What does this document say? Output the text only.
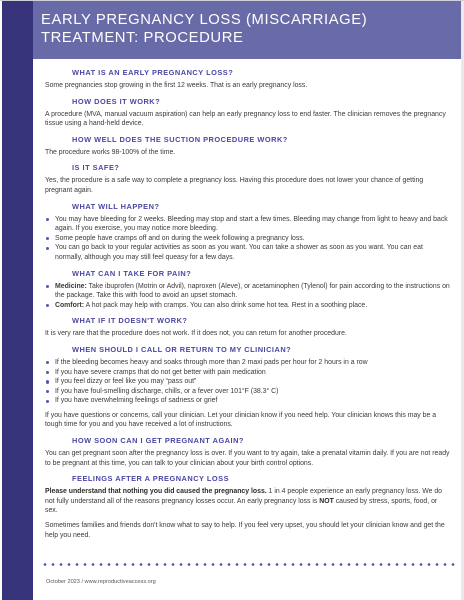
EARLY PREGNANCY LOSS (MISCARRIAGE) TREATMENT: PROCEDURE
WHAT IS AN EARLY PREGNANCY LOSS?

Some pregnancies stop growing in the first 12 weeks. That is an early pregnancy loss.

HOW DOES IT WORK?

A procedure (MVA, manual vacuum aspiration) can help an early pregnancy loss to end faster. The clinician removes the pregnancy tissue using a hand-held device.

HOW WELL DOES THE SUCTION PROCEDURE WORK?

The procedure works 98-100% of the time.

IS IT SAFE?

Yes, the procedure is a safe way to complete a pregnancy loss. Having this procedure does not lower your chance of getting pregnant again.

WHAT WILL HAPPEN?
You may have bleeding for 2 weeks. Bleeding may stop and start a few times. Bleeding may change from light to heavy and back again. If you exercise, you may notice more bleeding.
Some people have cramps off and on during the week following a pregnancy loss.
You can go back to your regular activities as soon as you want. You can take a shower as soon as you want. You can eat normally, although you may still feel queasy for a few days.
WHAT CAN I TAKE FOR PAIN?
Medicine: Take ibuprofen (Motrin or Advil), naproxen (Aleve), or acetaminophen (Tylenol) for pain according to the instructions on the package. Take this with food to avoid an upset stomach.
Comfort: A hot pack may help with cramps. You can also drink some hot tea. Rest in a soothing place.
WHAT IF IT DOESN'T WORK?

It is very rare that the procedure does not work. If it does not, you can return for another procedure.

WHEN SHOULD I CALL OR RETURN TO MY CLINICIAN?
If the bleeding becomes heavy and soaks through more than 2 maxi pads per hour for 2 hours in a row
If you have severe cramps that do not get better with pain medication
If you feel dizzy or feel like you may “pass out”
If you have foul-smelling discharge, chills, or a fever over 101°F (38.3° C)
If you have overwhelming feelings of sadness or grief

If you have questions or concerns, call your clinician. Let your clinician know if you need help. Your clinician knows this may be a tough time for you and you have received a lot of instructions.

HOW SOON CAN I GET PREGNANT AGAIN?

You can get pregnant soon after the pregnancy loss is over. If you want to try again, take a prenatal vitamin daily. If you are not ready to be pregnant at this time, you can talk to your clinician about your birth control options.

FEELINGS AFTER A PREGNANCY LOSS

Please understand that nothing you did caused the pregnancy loss. 1 in 4 people experience an early pregnancy loss. We do not fully understand all of the reasons pregnancy losses occur. An early pregnancy loss is NOT caused by stress, sports, food, or sex.

Sometimes families and friends don't know what to say to help. If you feel very upset, you should let your clinician know and get the help you need.

October 2023 / www.reproductiveaccess.org
